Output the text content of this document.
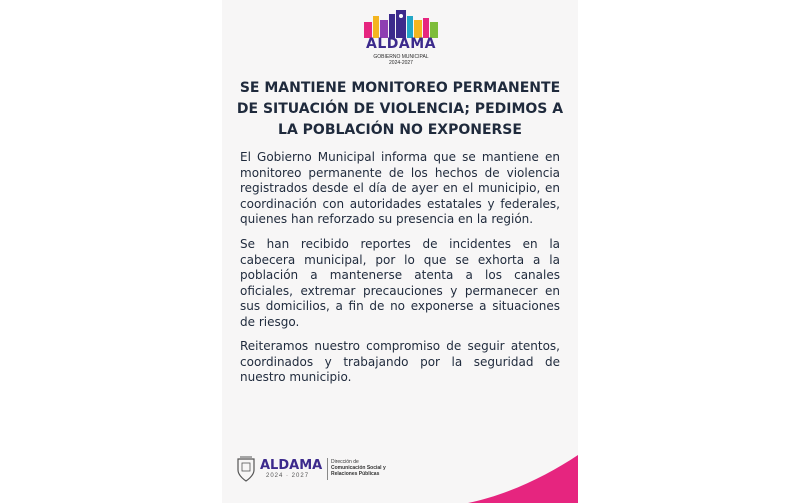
ALDAMA
GOBIERNO MUNICIPAL
2024-2027
SE MANTIENE MONITOREO PERMANENTE DE SITUACIÓN DE VIOLENCIA; PEDIMOS A LA POBLACIÓN NO EXPONERSE
El Gobierno Municipal informa que se mantiene en monitoreo permanente de los hechos de violencia registrados desde el día de ayer en el municipio, en coordinación con autoridades estatales y federales, quienes han reforzado su presencia en la región.
Se han recibido reportes de incidentes en la cabecera municipal, por lo que se exhorta a la población a mantenerse atenta a los canales oficiales, extremar precauciones y permanecer en sus domicilios, a fin de no exponerse a situaciones de riesgo.
Reiteramos nuestro compromiso de seguir atentos, coordinados y trabajando por la seguridad de nuestro municipio.
ALDAMA
2024 · 2027
Dirección de
Comunicación Social y Relaciones Públicas
